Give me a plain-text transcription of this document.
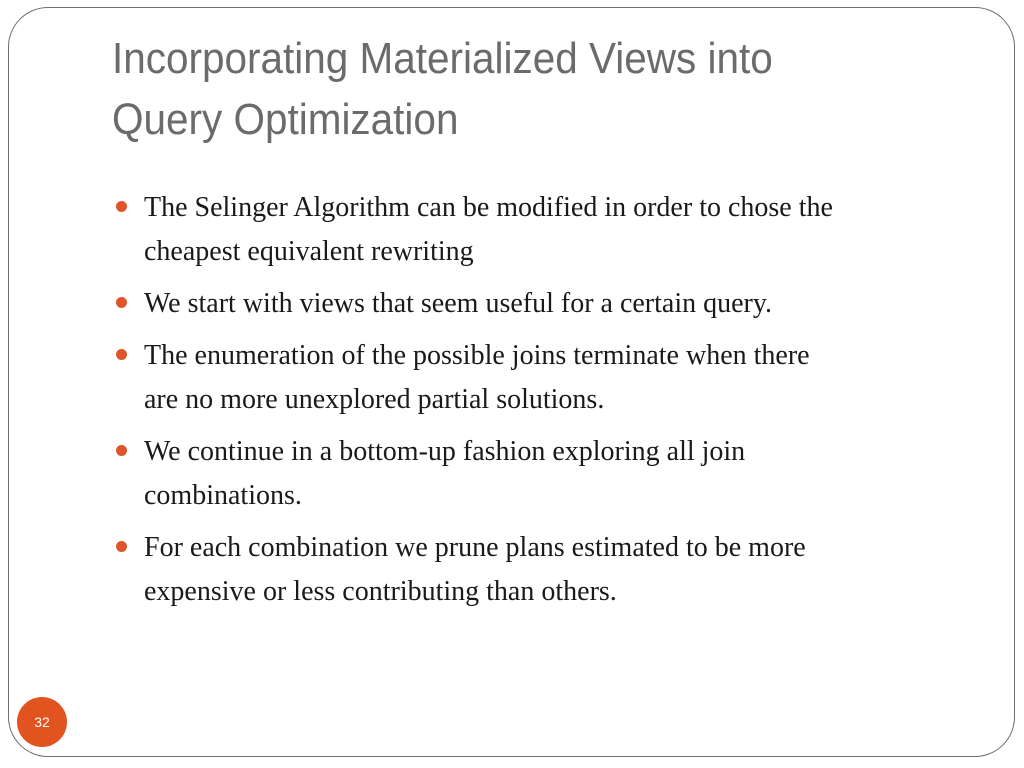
Incorporating Materialized Views into
Query Optimization
The Selinger Algorithm can be modified in order to chose the
cheapest equivalent rewriting
We start with views that seem useful for a certain query.
The enumeration of the possible joins terminate when there
are no more unexplored partial solutions.
We continue in a bottom-up fashion exploring all join
combinations.
For each combination we prune plans estimated to be more
expensive or less contributing than others.
32
